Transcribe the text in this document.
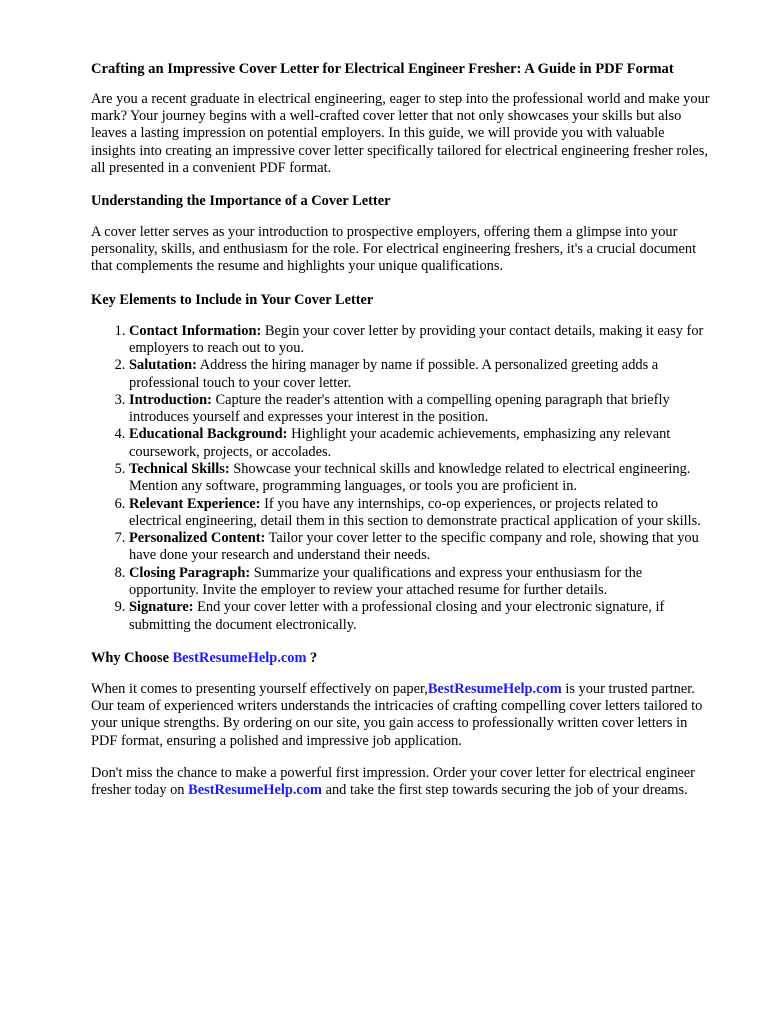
Crafting an Impressive Cover Letter for Electrical Engineer Fresher: A Guide in PDF Format

Are you a recent graduate in electrical engineering, eager to step into the professional world and make your mark? Your journey begins with a well-crafted cover letter that not only showcases your skills but also leaves a lasting impression on potential employers. In this guide, we will provide you with valuable insights into creating an impressive cover letter specifically tailored for electrical engineering fresher roles, all presented in a convenient PDF format.

Understanding the Importance of a Cover Letter

A cover letter serves as your introduction to prospective employers, offering them a glimpse into your personality, skills, and enthusiasm for the role. For electrical engineering freshers, it's a crucial document that complements the resume and highlights your unique qualifications.

Key Elements to Include in Your Cover Letter
1. Contact Information: Begin your cover letter by providing your contact details, making it easy for employers to reach out to you.
2. Salutation: Address the hiring manager by name if possible. A personalized greeting adds a professional touch to your cover letter.
3. Introduction: Capture the reader's attention with a compelling opening paragraph that briefly introduces yourself and expresses your interest in the position.
4. Educational Background: Highlight your academic achievements, emphasizing any relevant coursework, projects, or accolades.
5. Technical Skills: Showcase your technical skills and knowledge related to electrical engineering. Mention any software, programming languages, or tools you are proficient in.
6. Relevant Experience: If you have any internships, co-op experiences, or projects related to electrical engineering, detail them in this section to demonstrate practical application of your skills.
7. Personalized Content: Tailor your cover letter to the specific company and role, showing that you have done your research and understand their needs.
8. Closing Paragraph: Summarize your qualifications and express your enthusiasm for the opportunity. Invite the employer to review your attached resume for further details.
9. Signature: End your cover letter with a professional closing and your electronic signature, if submitting the document electronically.
Why Choose BestResumeHelp.com ?

When it comes to presenting yourself effectively on paper,BestResumeHelp.com is your trusted partner. Our team of experienced writers understands the intricacies of crafting compelling cover letters tailored to your unique strengths. By ordering on our site, you gain access to professionally written cover letters in PDF format, ensuring a polished and impressive job application.

Don't miss the chance to make a powerful first impression. Order your cover letter for electrical engineer fresher today on BestResumeHelp.com and take the first step towards securing the job of your dreams.
